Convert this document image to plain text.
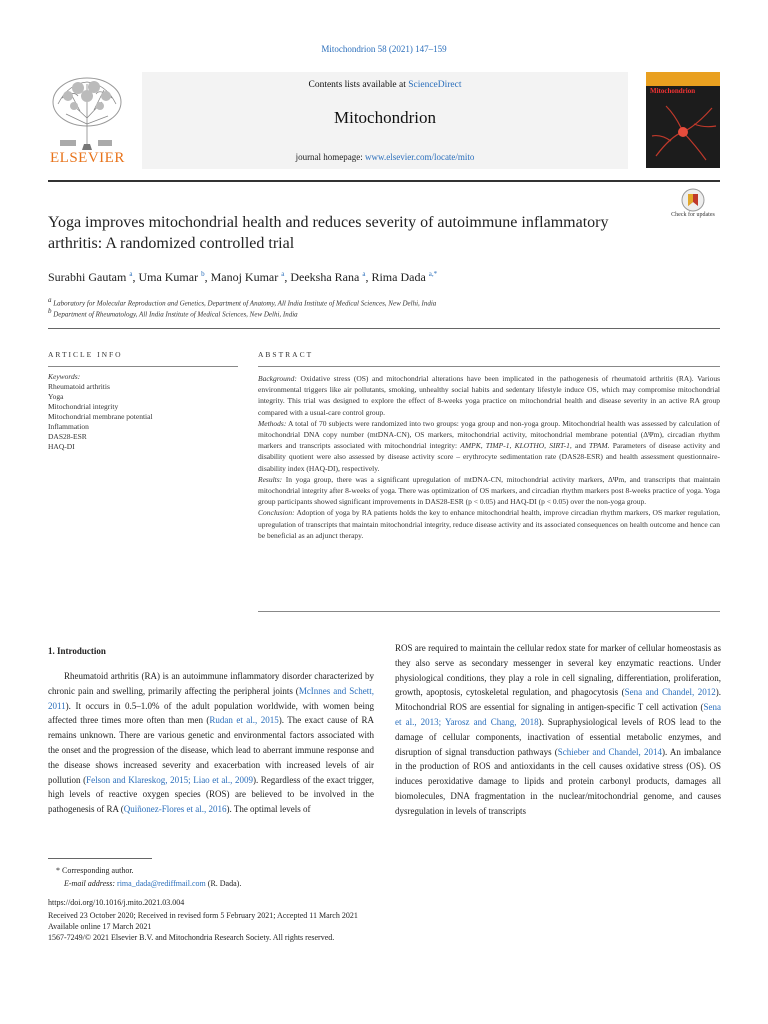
Mitochondrion 58 (2021) 147–159
ELSEVIER
Contents lists available at ScienceDirect
Mitochondrion
journal homepage: www.elsevier.com/locate/mito
Mitochondrion
Yoga improves mitochondrial health and reduces severity of autoimmune inflammatory arthritis: A randomized controlled trial
Check for updates
Surabhi Gautam $^a$, Uma Kumar $^b$, Manoj Kumar $^a$, Deeksha Rana $^a$, Rima Dada $^{a,*}$
$^a$ Laboratory for Molecular Reproduction and Genetics, Department of Anatomy, All India Institute of Medical Sciences, New Delhi, India
$^b$ Department of Rheumatology, All India Institute of Medical Sciences, New Delhi, India
ARTICLE INFO	ABSTRACT
Keywords:
Rheumatoid arthritis
Yoga
Mitochondrial integrity
Mitochondrial membrane potential
Inflammation
DAS28-ESR
HAQ-DI

Background: Oxidative stress (OS) and mitochondrial alterations have been implicated in the pathogenesis of rheumatoid arthritis (RA). Various environmental triggers like air pollutants, smoking, unhealthy social habits and sedentary lifestyle induce OS, which may compromise mitochondrial integrity. This trial was designed to explore the effect of 8-weeks yoga practice on mitochondrial health and disease severity in an active RA group compared with a usual-care control group.

Methods: A total of 70 subjects were randomized into two groups: yoga group and non-yoga group. Mitochondrial health was assessed by calculation of mitochondrial DNA copy number (mtDNA-CN), OS markers, mitochondrial activity, mitochondrial membrane potential (ΔΨm), circadian rhythm markers and transcripts associated with mitochondrial integrity: AMPK, TIMP-1, KLOTHO, SIRT-1, and TPAM. Parameters of disease activity and disability quotient were also assessed by disease activity score – erythrocyte sedimentation rate (DAS28-ESR) and health assessment questionnaire-disability index (HAQ-DI), respectively.

Results: In yoga group, there was a significant upregulation of mtDNA-CN, mitochondrial activity markers, ΔΨm, and transcripts that maintain mitochondrial integrity after 8-weeks of yoga. There was optimization of OS markers, and circadian rhythm markers post 8-weeks practice of yoga. Yoga group participants showed significant improvements in DAS28-ESR (p < 0.05) and HAQ-DI (p < 0.05) over the non-yoga group.

Conclusion: Adoption of yoga by RA patients holds the key to enhance mitochondrial health, improve circadian rhythm markers, OS marker regulation, upregulation of transcripts that maintain mitochondrial integrity, reduce disease activity and its associated consequences on health outcome and hence can be beneficial as an adjunct therapy.

1. Introduction

Rheumatoid arthritis (RA) is an autoimmune inflammatory disorder characterized by chronic pain and swelling, primarily affecting the peripheral joints (McInnes and Schett, 2011). It occurs in 0.5–1.0% of the adult population worldwide, with women being affected three times more often than men (Rudan et al., 2015). The exact cause of RA remains unknown. There are various genetic and environmental factors associated with the onset and the progression of the disease, which lead to aberrant immune response and the disease shows increased severity and exacerbation with increased levels of air pollution (Felson and Klareskog, 2015; Liao et al., 2009). Regardless of the exact trigger, high levels of reactive oxygen species (ROS) are believed to be involved in the pathogenesis of RA (Quiñonez-Flores et al., 2016). The optimal levels of

ROS are required to maintain the cellular redox state for marker of cellular homeostasis as they also serve as secondary messenger in several key enzymatic reactions. Under physiological conditions, they play a role in cell signaling, differentiation, proliferation, growth, apoptosis, cytoskeletal regulation, and phagocytosis (Sena and Chandel, 2012). Mitochondrial ROS are essential for signaling in antigen-specific T cell activation (Sena et al., 2013; Yarosz and Chang, 2018). Supraphysiological levels of ROS lead to the damage of cellular components, inactivation of essential metabolic enzymes, and disruption of signal transduction pathways (Schieber and Chandel, 2014). An imbalance in the production of ROS and antioxidants in the cell causes oxidative stress (OS). OS induces peroxidative damage to lipids and protein carbonyl products, damages all biomolecules, DNA fragmentation in the nuclear/mitochondrial genome, and causes dysregulation in levels of transcripts

* Corresponding author.
E-mail address: rima_dada@rediffmail.com (R. Dada).
https://doi.org/10.1016/j.mito.2021.03.004
Received 23 October 2020; Received in revised form 5 February 2021; Accepted 11 March 2021
Available online 17 March 2021
1567-7249/© 2021 Elsevier B.V. and Mitochondria Research Society. All rights reserved.
